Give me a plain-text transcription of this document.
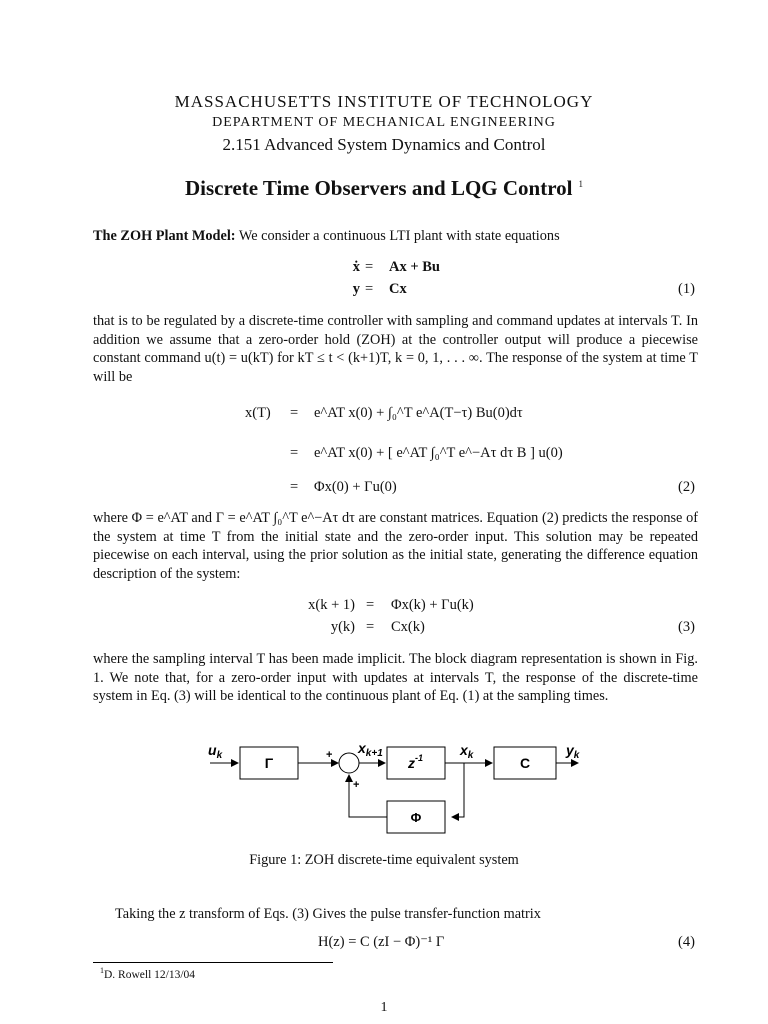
MASSACHUSETTS INSTITUTE OF TECHNOLOGY
DEPARTMENT OF MECHANICAL ENGINEERING
2.151 Advanced System Dynamics and Control
Discrete Time Observers and LQG Control $^1$
The ZOH Plant Model: We consider a continuous LTI plant with state equations
ẋ = Ax + Bu
y = Cx	(1)
that is to be regulated by a discrete-time controller with sampling and command updates at intervals T. In addition we assume that a zero-order hold (ZOH) at the controller output will produce a piecewise constant command u(t) = u(kT) for kT ≤ t < (k+1)T, k = 0, 1, . . . ∞. The response of the system at time T will be
x(T) = e^AT x(0) + ∫₀^T e^A(T−τ) Bu(0)dτ
= e^AT x(0) + [ e^AT ∫₀^T e^−Aτ dτ B ] u(0)
= Φx(0) + Γu(0)	(2)
where Φ = e^AT and Γ = e^AT ∫₀^T e^−Aτ dτ are constant matrices. Equation (2) predicts the response of the system at time T from the initial state and the zero-order input. This solution may be repeated piecewise on each interval, using the prior solution as the initial state, generating the difference equation description of the system:
x(k + 1) = Φx(k) + Γu(k)
y(k) = Cx(k)	(3)
where the sampling interval T has been made implicit. The block diagram representation is shown in Fig. 1. We note that, for a zero-order input with updates at intervals T, the response of the discrete-time system in Eq. (3) will be identical to the continuous plant of Eq. (1) at the sampling times.
$u_k$	Γ	+
+
$x_{k+1}$
$z^{-1}$	$x_k$	C
$y_k$
Φ
Figure 1: ZOH discrete-time equivalent system
Taking the z transform of Eqs. (3) Gives the pulse transfer-function matrix
H(z) = C (zI − Φ)⁻¹ Γ	(4)
$^1$D. Rowell 12/13/04
1
